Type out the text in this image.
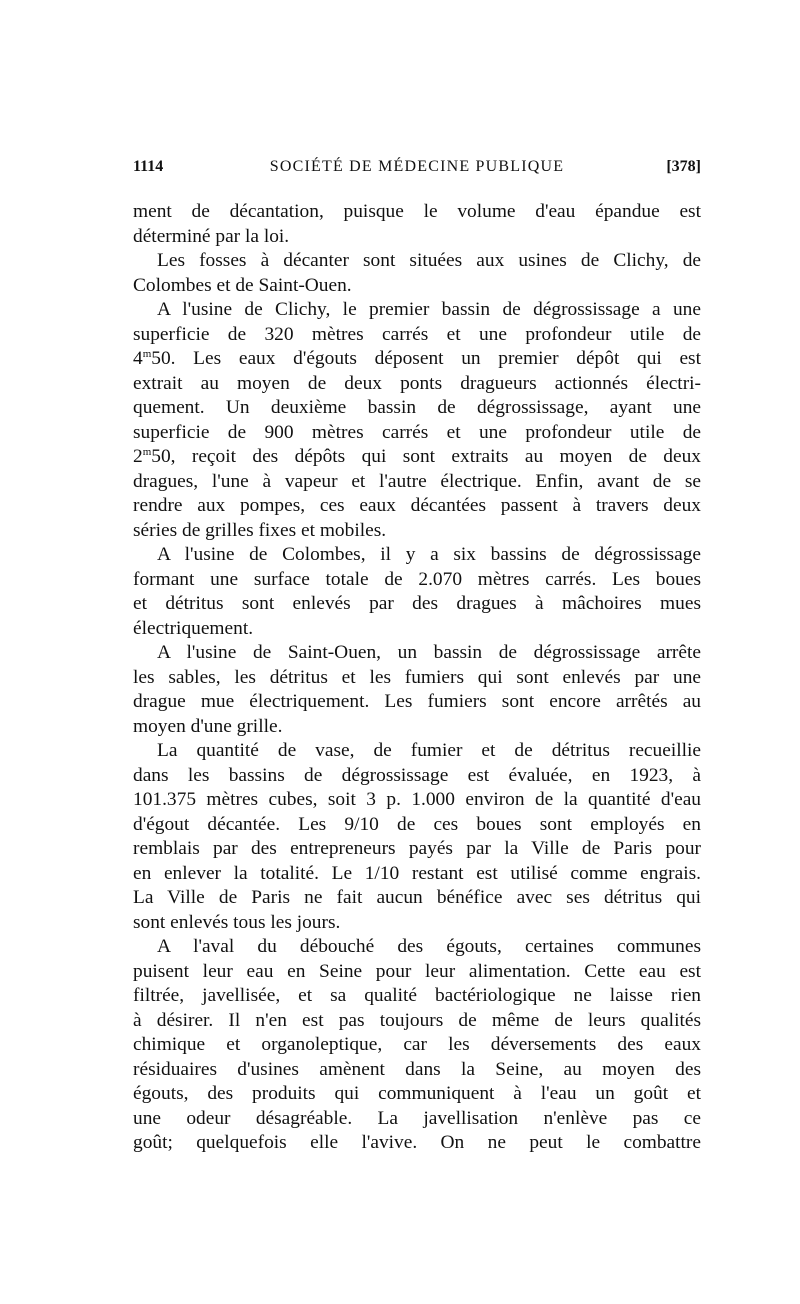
1114	SOCIÉTÉ DE MÉDECINE PUBLIQUE	[378]
ment de décantation, puisque le volume d'eau épandue est
déterminé par la loi.
Les fosses à décanter sont situées aux usines de Clichy, de
Colombes et de Saint-Ouen.
A l'usine de Clichy, le premier bassin de dégrossissage a une
superficie de 320 mètres carrés et une profondeur utile de
4$^m$50. Les eaux d'égouts déposent un premier dépôt qui est
extrait au moyen de deux ponts dragueurs actionnés électri-
quement. Un deuxième bassin de dégrossissage, ayant une
superficie de 900 mètres carrés et une profondeur utile de
2$^m$50, reçoit des dépôts qui sont extraits au moyen de deux
dragues, l'une à vapeur et l'autre électrique. Enfin, avant de se
rendre aux pompes, ces eaux décantées passent à travers deux
séries de grilles fixes et mobiles.
A l'usine de Colombes, il y a six bassins de dégrossissage
formant une surface totale de 2.070 mètres carrés. Les boues
et détritus sont enlevés par des dragues à mâchoires mues
électriquement.
A l'usine de Saint-Ouen, un bassin de dégrossissage arrête
les sables, les détritus et les fumiers qui sont enlevés par une
drague mue électriquement. Les fumiers sont encore arrêtés au
moyen d'une grille.
La quantité de vase, de fumier et de détritus recueillie
dans les bassins de dégrossissage est évaluée, en 1923, à
101.375 mètres cubes, soit 3 p. 1.000 environ de la quantité d'eau
d'égout décantée. Les 9/10 de ces boues sont employés en
remblais par des entrepreneurs payés par la Ville de Paris pour
en enlever la totalité. Le 1/10 restant est utilisé comme engrais.
La Ville de Paris ne fait aucun bénéfice avec ses détritus qui
sont enlevés tous les jours.
A l'aval du débouché des égouts, certaines communes
puisent leur eau en Seine pour leur alimentation. Cette eau est
filtrée, javellisée, et sa qualité bactériologique ne laisse rien
à désirer. Il n'en est pas toujours de même de leurs qualités
chimique et organoleptique, car les déversements des eaux
résiduaires d'usines amènent dans la Seine, au moyen des
égouts, des produits qui communiquent à l'eau un goût et
une odeur désagréable. La javellisation n'enlève pas ce
goût; quelquefois elle l'avive. On ne peut le combattre
